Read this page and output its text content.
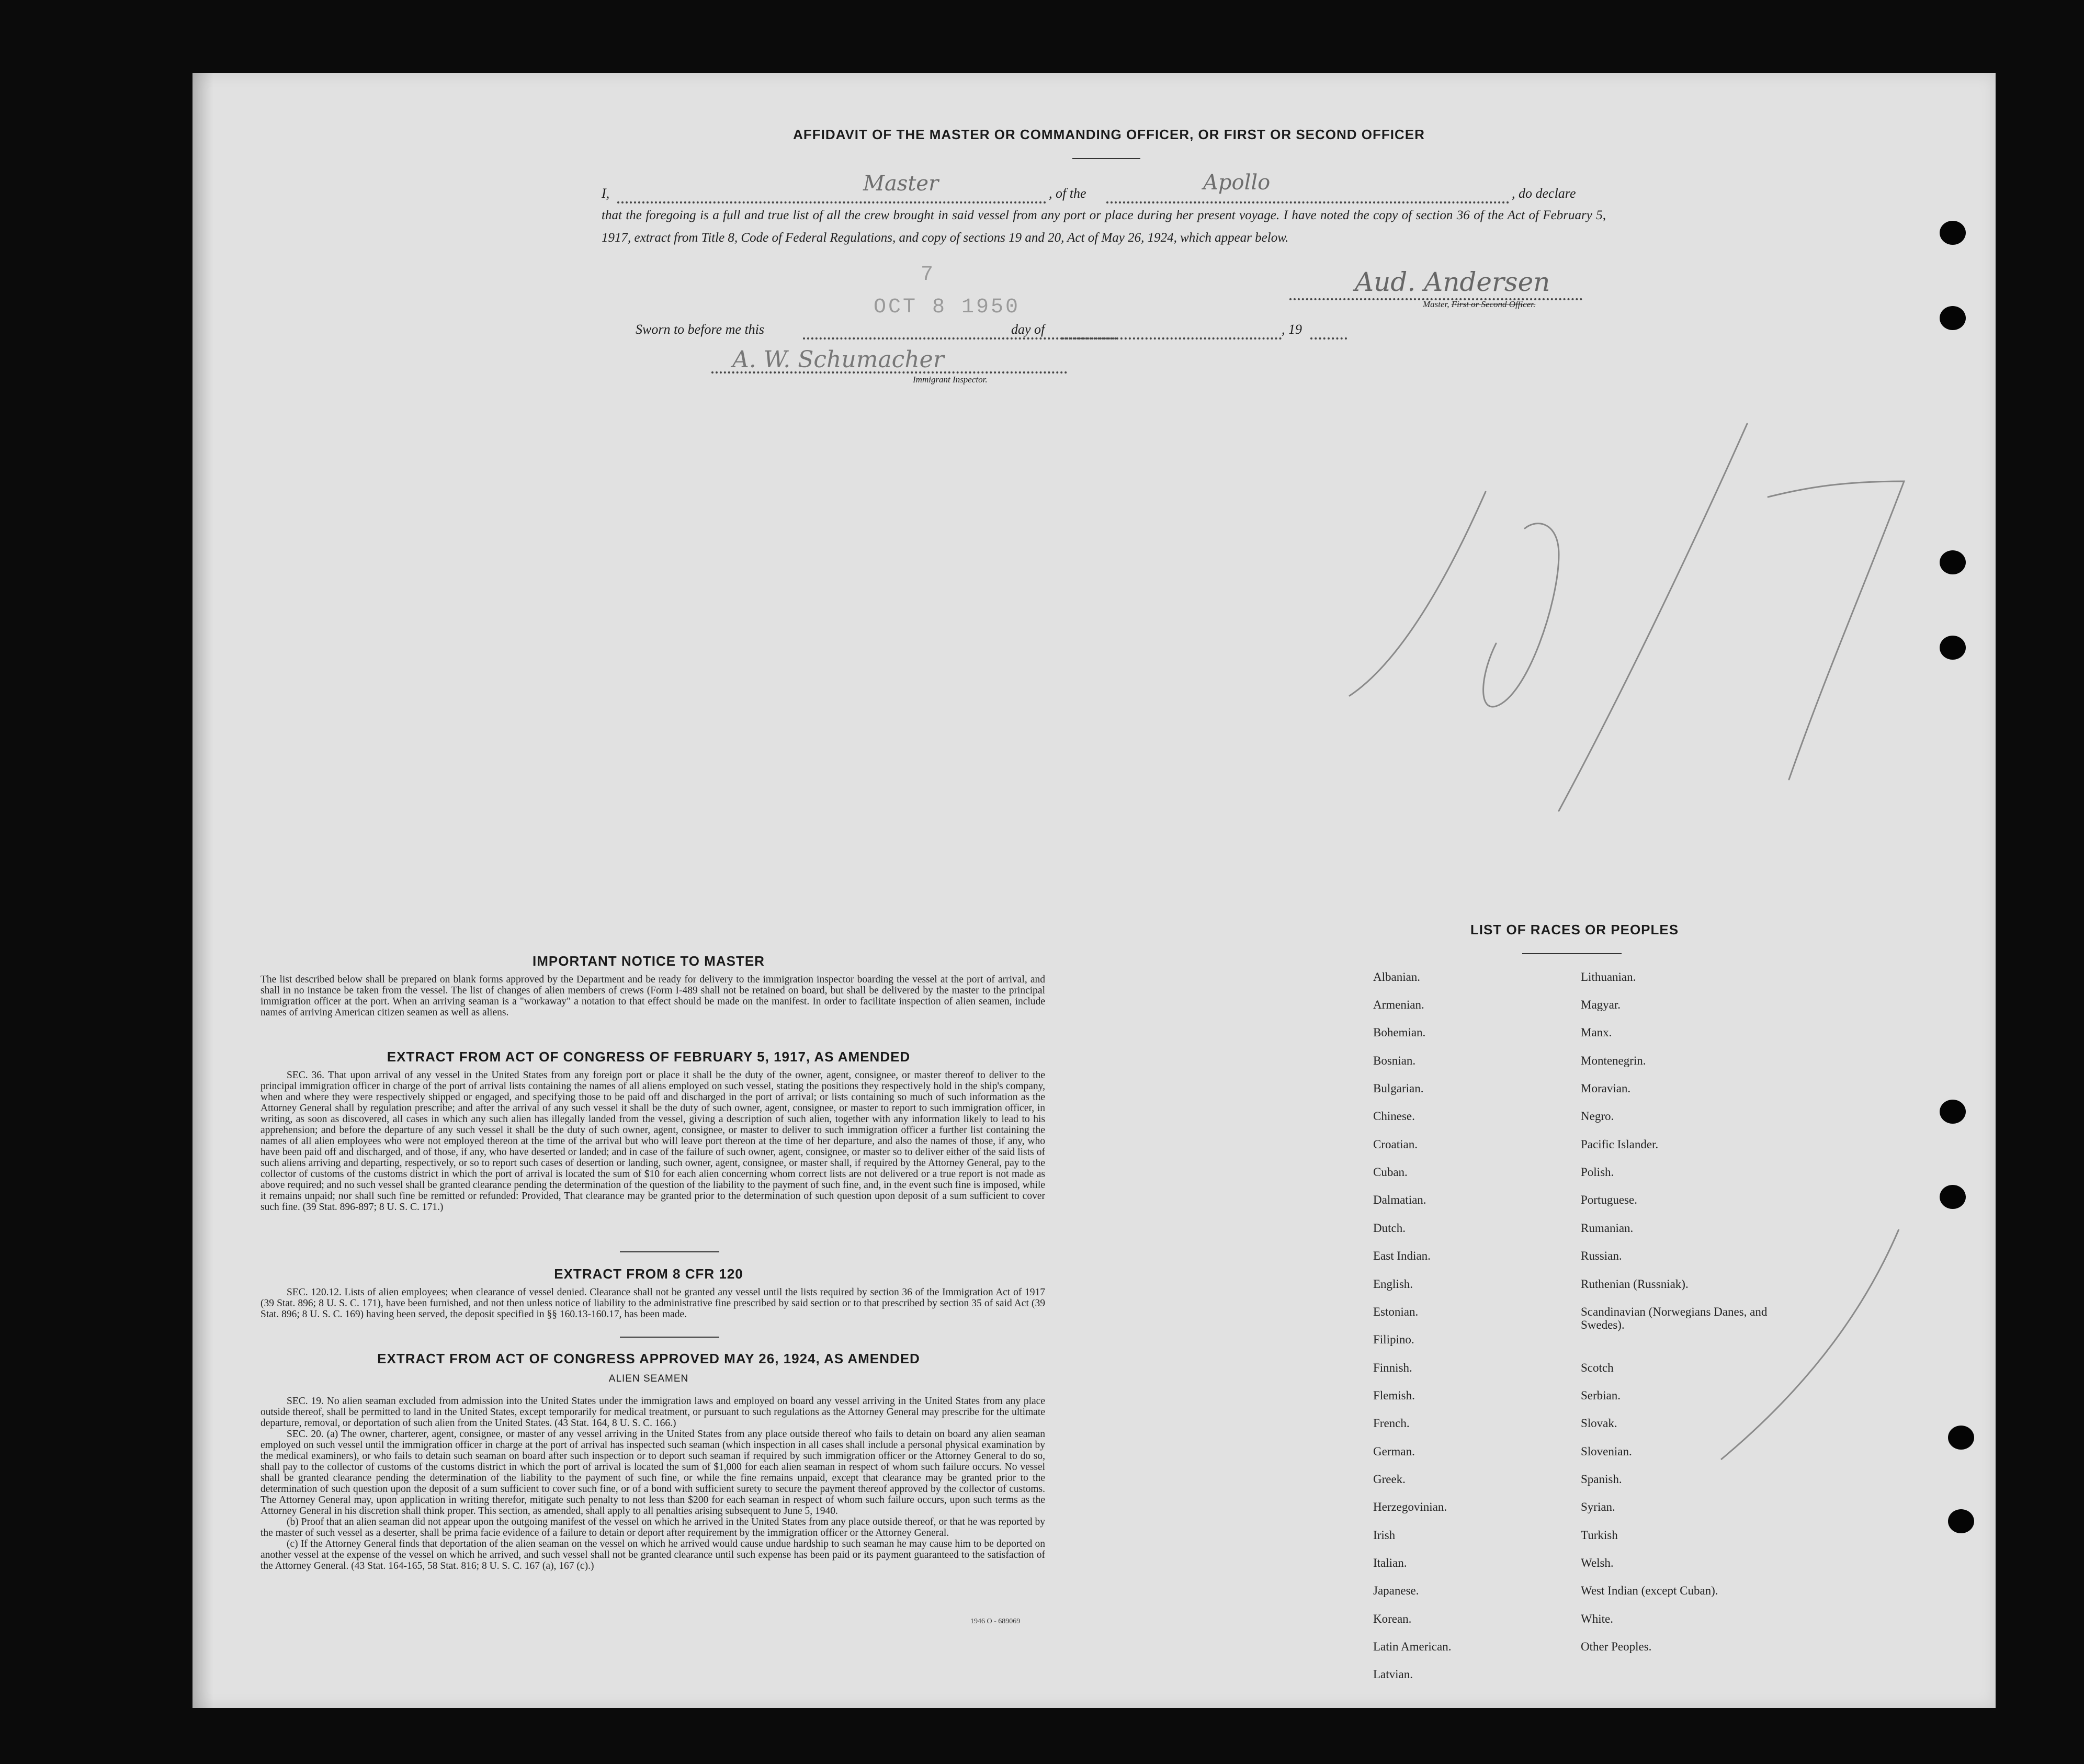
AFFIDAVIT OF THE MASTER OR COMMANDING OFFICER, OR FIRST OR SECOND OFFICER
I,	, of the	, do declare
Master	Apollo

that the foregoing is a full and true list of all the crew brought in said vessel from any port or place during her present voyage. I have noted the copy of section 36 of the Act of February 5, 1917, extract from Title 8, Code of Federal Regulations, and copy of sections 19 and 20, Act of May 26, 1924, which appear below.

Aud. Andersen
Master, First or Second Officer.
Sworn to before me this	day of	, 19
7
OCT 8 1950
A. W. Schumacher
Immigrant Inspector.
IMPORTANT NOTICE TO MASTER

The list described below shall be prepared on blank forms approved by the Department and be ready for delivery to the immigration inspector boarding the vessel at the port of arrival, and shall in no instance be taken from the vessel. The list of changes of alien members of crews (Form I-489 shall not be retained on board, but shall be delivered by the master to the principal immigration officer at the port. When an arriving seaman is a "workaway" a notation to that effect should be made on the manifest. In order to facilitate inspection of alien seamen, include names of arriving American citizen seamen as well as aliens.

EXTRACT FROM ACT OF CONGRESS OF FEBRUARY 5, 1917, AS AMENDED

SEC. 36. That upon arrival of any vessel in the United States from any foreign port or place it shall be the duty of the owner, agent, consignee, or master thereof to deliver to the principal immigration officer in charge of the port of arrival lists containing the names of all aliens employed on such vessel, stating the positions they respectively hold in the ship's company, when and where they were respectively shipped or engaged, and specifying those to be paid off and discharged in the port of arrival; or lists containing so much of such information as the Attorney General shall by regulation prescribe; and after the arrival of any such vessel it shall be the duty of such owner, agent, consignee, or master to report to such immigration officer, in writing, as soon as discovered, all cases in which any such alien has illegally landed from the vessel, giving a description of such alien, together with any information likely to lead to his apprehension; and before the departure of any such vessel it shall be the duty of such owner, agent, consignee, or master to deliver to such immigration officer a further list containing the names of all alien employees who were not employed thereon at the time of the arrival but who will leave port thereon at the time of her departure, and also the names of those, if any, who have been paid off and discharged, and of those, if any, who have deserted or landed; and in case of the failure of such owner, agent, consignee, or master so to deliver either of the said lists of such aliens arriving and departing, respectively, or so to report such cases of desertion or landing, such owner, agent, consignee, or master shall, if required by the Attorney General, pay to the collector of customs of the customs district in which the port of arrival is located the sum of $10 for each alien concerning whom correct lists are not delivered or a true report is not made as above required; and no such vessel shall be granted clearance pending the determination of the question of the liability to the payment of such fine, and, in the event such fine is imposed, while it remains unpaid; nor shall such fine be remitted or refunded: Provided, That clearance may be granted prior to the determination of such question upon deposit of a sum sufficient to cover such fine. (39 Stat. 896-897; 8 U. S. C. 171.)

EXTRACT FROM 8 CFR 120

SEC. 120.12. Lists of alien employees; when clearance of vessel denied. Clearance shall not be granted any vessel until the lists required by section 36 of the Immigration Act of 1917 (39 Stat. 896; 8 U. S. C. 171), have been furnished, and not then unless notice of liability to the administrative fine prescribed by said section or to that prescribed by section 35 of said Act (39 Stat. 896; 8 U. S. C. 169) having been served, the deposit specified in §§ 160.13-160.17, has been made.

EXTRACT FROM ACT OF CONGRESS APPROVED MAY 26, 1924, AS AMENDED
ALIEN SEAMEN

SEC. 19. No alien seaman excluded from admission into the United States under the immigration laws and employed on board any vessel arriving in the United States from any place outside thereof, shall be permitted to land in the United States, except temporarily for medical treatment, or pursuant to such regulations as the Attorney General may prescribe for the ultimate departure, removal, or deportation of such alien from the United States. (43 Stat. 164, 8 U. S. C. 166.)

SEC. 20. (a) The owner, charterer, agent, consignee, or master of any vessel arriving in the United States from any place outside thereof who fails to detain on board any alien seaman employed on such vessel until the immigration officer in charge at the port of arrival has inspected such seaman (which inspection in all cases shall include a personal physical examination by the medical examiners), or who fails to detain such seaman on board after such inspection or to deport such seaman if required by such immigration officer or the Attorney General to do so, shall pay to the collector of customs of the customs district in which the port of arrival is located the sum of $1,000 for each alien seaman in respect of whom such failure occurs. No vessel shall be granted clearance pending the determination of the liability to the payment of such fine, or while the fine remains unpaid, except that clearance may be granted prior to the determination of such question upon the deposit of a sum sufficient to cover such fine, or of a bond with sufficient surety to secure the payment thereof approved by the collector of customs. The Attorney General may, upon application in writing therefor, mitigate such penalty to not less than $200 for each seaman in respect of whom such failure occurs, upon such terms as the Attorney General in his discretion shall think proper. This section, as amended, shall apply to all penalties arising subsequent to June 5, 1940.

(b) Proof that an alien seaman did not appear upon the outgoing manifest of the vessel on which he arrived in the United States from any place outside thereof, or that he was reported by the master of such vessel as a deserter, shall be prima facie evidence of a failure to detain or deport after requirement by the immigration officer or the Attorney General.

(c) If the Attorney General finds that deportation of the alien seaman on the vessel on which he arrived would cause undue hardship to such seaman he may cause him to be deported on another vessel at the expense of the vessel on which he arrived, and such vessel shall not be granted clearance until such expense has been paid or its payment guaranteed to the satisfaction of the Attorney General. (43 Stat. 164-165, 58 Stat. 816; 8 U. S. C. 167 (a), 167 (c).)

1946 O - 689069
LIST OF RACES OR PEOPLES
Albanian.
Armenian.
Bohemian.
Bosnian.
Bulgarian.
Chinese.
Croatian.
Cuban.
Dalmatian.
Dutch.
East Indian.
English.
Estonian.
Filipino.
Finnish.
Flemish.
French.
German.
Greek.
Herzegovinian.
Irish
Italian.
Japanese.
Korean.
Latin American.
Latvian.
Lithuanian.
Magyar.
Manx.
Montenegrin.
Moravian.
Negro.
Pacific Islander.
Polish.
Portuguese.
Rumanian.
Russian.
Ruthenian (Russniak).
Scandinavian (Norwegians Danes, and Swedes).
Scotch
Serbian.
Slovak.
Slovenian.
Spanish.
Syrian.
Turkish
Welsh.
West Indian (except Cuban).
White.
Other Peoples.
